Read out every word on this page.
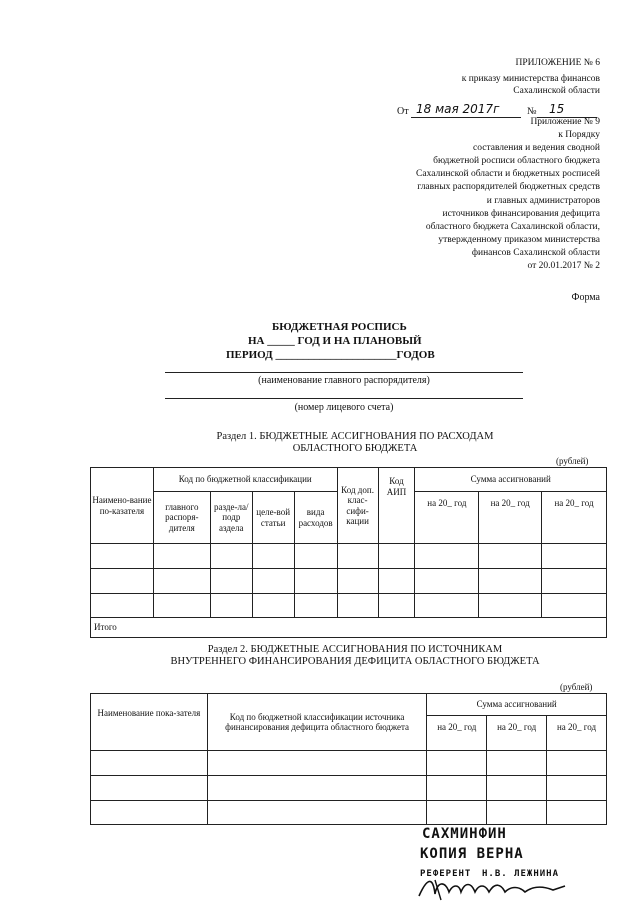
ПРИЛОЖЕНИЕ № 6
к приказу министерства финансов
Сахалинской области
От 18 мая 2017г	№ 15
Приложение № 9
к Порядку
составления и ведения сводной
бюджетной росписи областного бюджета
Сахалинской области и бюджетных росписей
главных распорядителей бюджетных средств
и главных администраторов
источников финансирования дефицита
областного бюджета Сахалинской области,
утвержденному приказом министерства
финансов Сахалинской области
от 20.01.2017 № 2
Форма
БЮДЖЕТНАЯ РОСПИСЬ
НА _____ ГОД И НА ПЛАНОВЫЙ
ПЕРИОД ______________________ГОДОВ
(наименование главного распорядителя)
(номер лицевого счета)
Раздел 1. БЮДЖЕТНЫЕ АССИГНОВАНИЯ ПО РАСХОДАМ
ОБЛАСТНОГО БЮДЖЕТА
(рублей)
Наимено-вание по-казателя	Код по бюджетной классификации				Код доп. клас-сифи-кации	Код АИП	Сумма ассигнований		
	главного распоря-дителя	разде-ла/подр аздела	целе-вой статьи	вида расходов			на 20_ год	на 20_ год	на 20_ год

Итого									
Раздел 2. БЮДЖЕТНЫЕ АССИГНОВАНИЯ ПО ИСТОЧНИКАМ
ВНУТРЕННЕГО ФИНАНСИРОВАНИЯ ДЕФИЦИТА ОБЛАСТНОГО БЮДЖЕТА
(рублей)
Наименование пока-зателя	Код по бюджетной классификации источника финансирования дефицита областного бюджета	Сумма ассигнований		
		на 20_ год	на 20_ год	на 20_ год

САХМИНФИН
КОПИЯ ВЕРНА
РЕФЕРЕНТ Н.В. ЛЕЖНИНА
